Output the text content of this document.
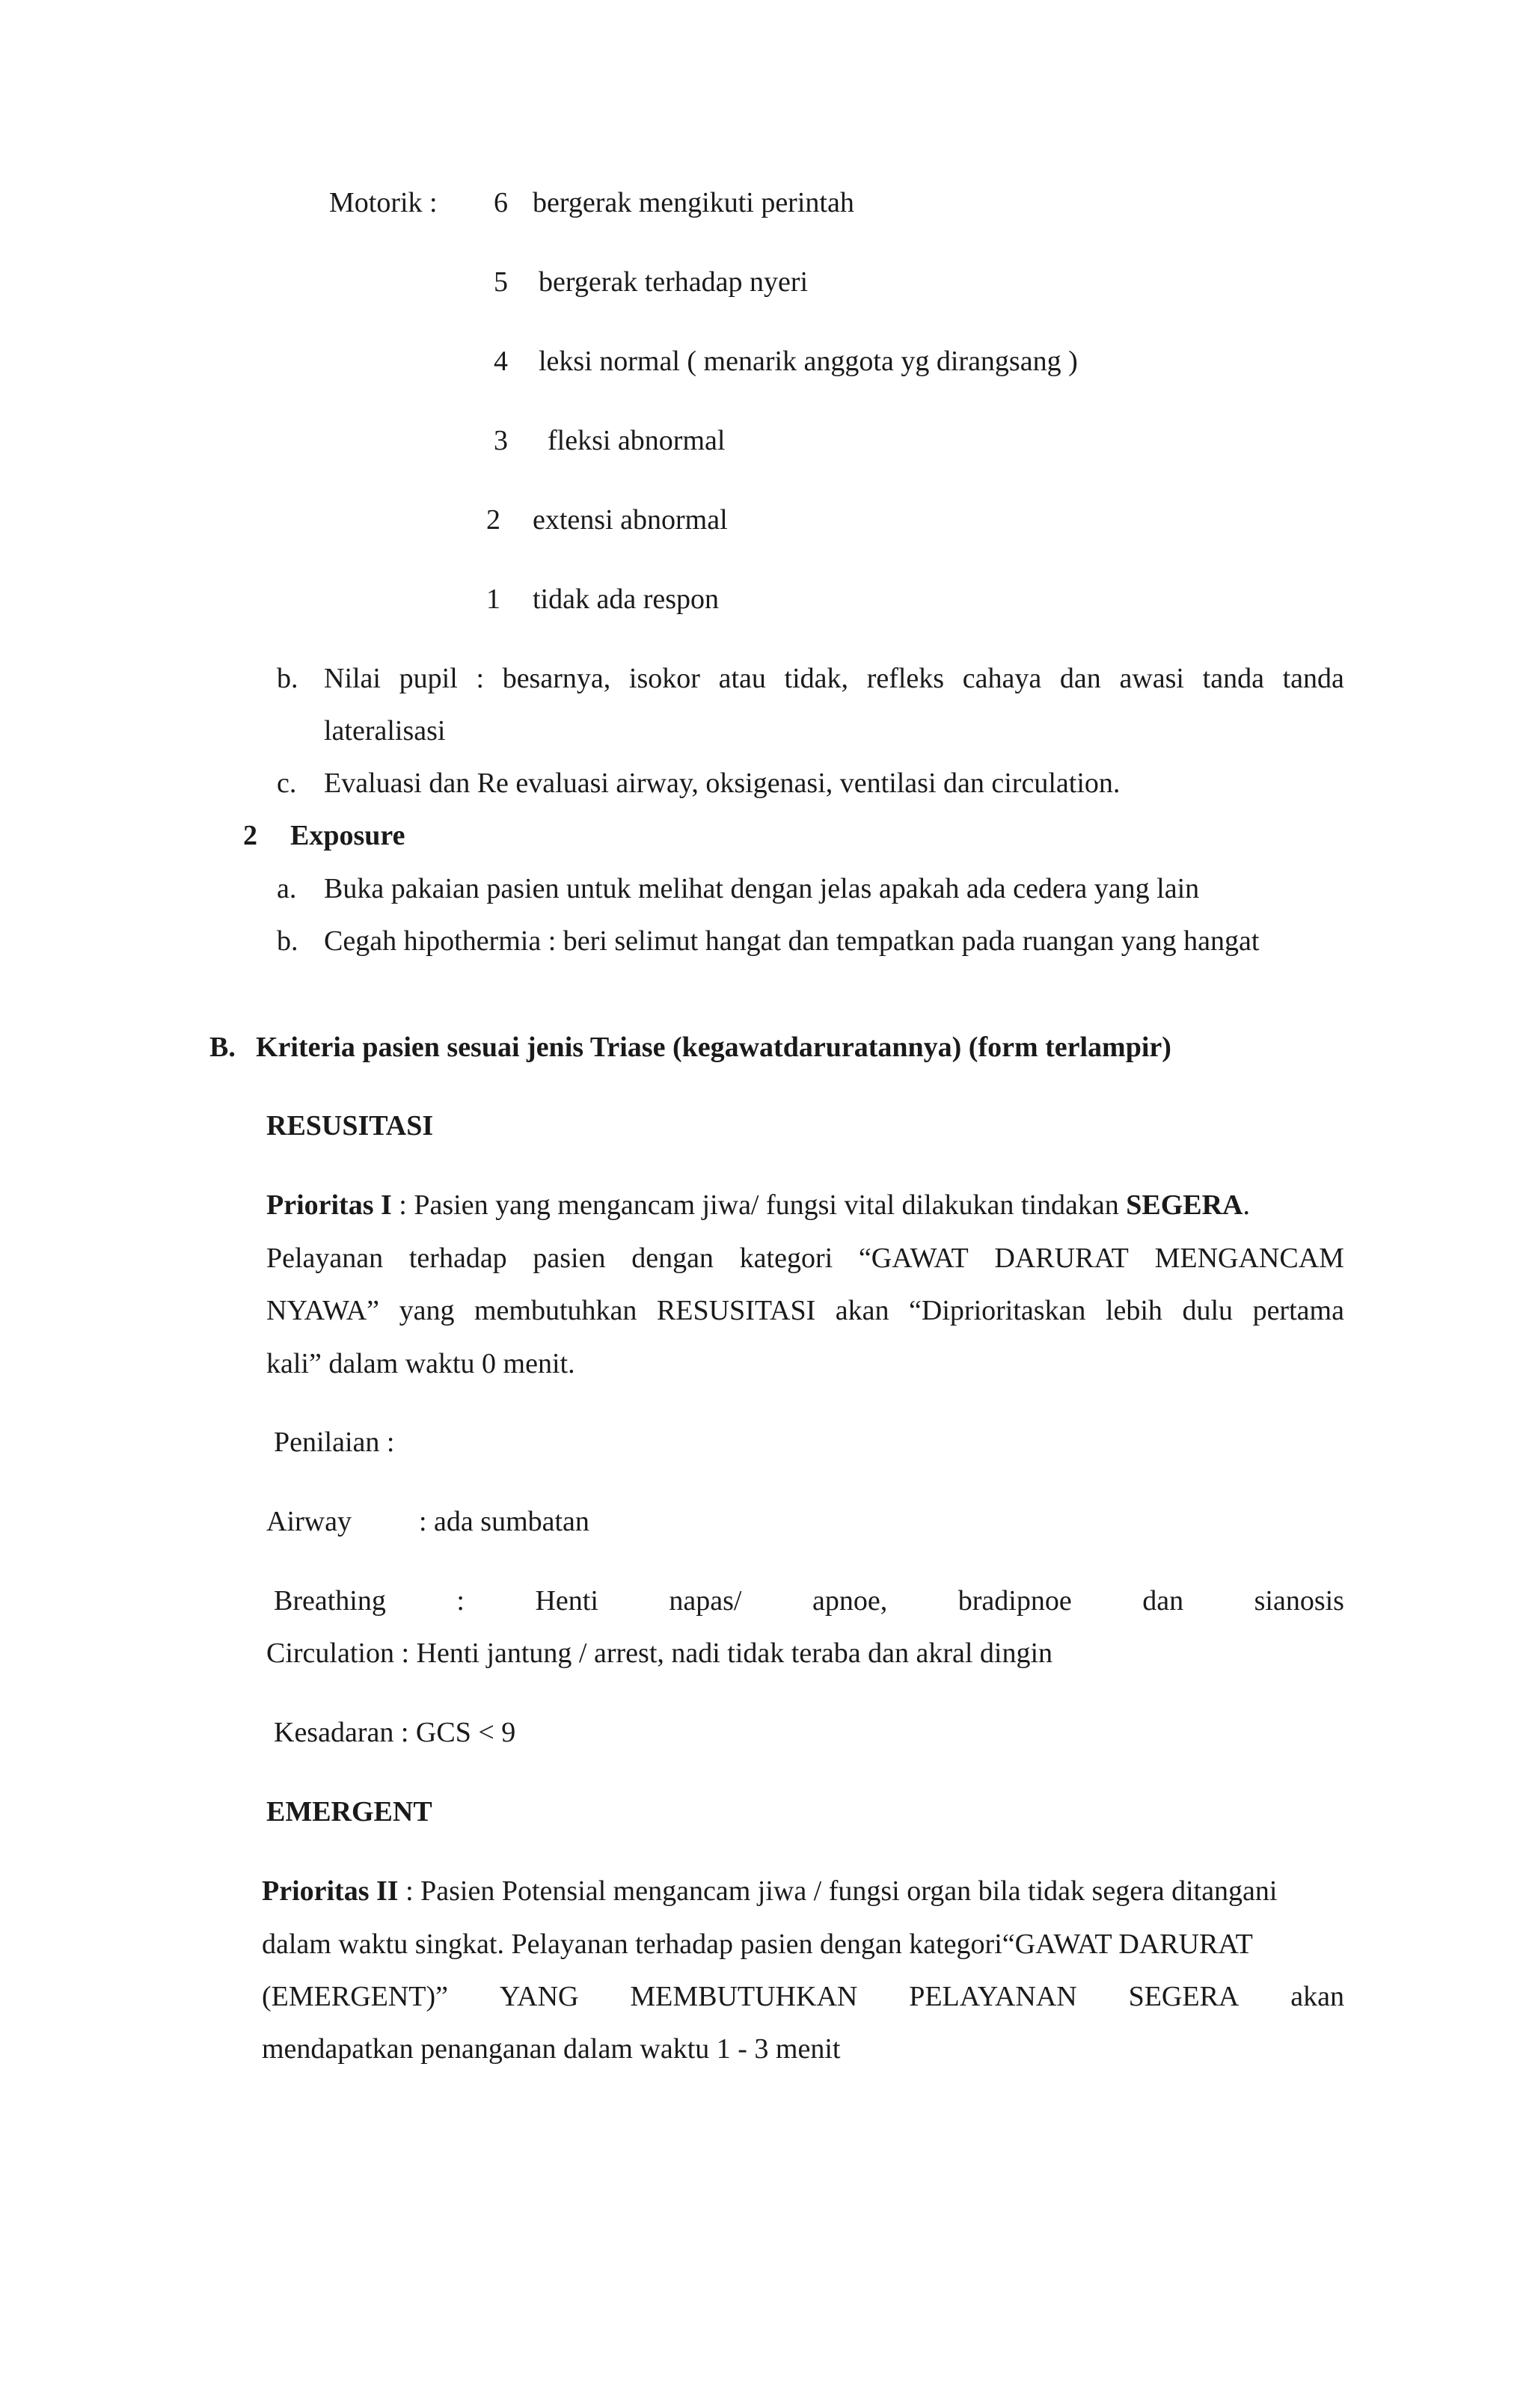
Motorik : 6 bergerak mengikuti perintah
5 bergerak terhadap nyeri
4 leksi normal ( menarik anggota yg dirangsang )
3 fleksi abnormal
2 extensi abnormal
1 tidak ada respon
b. Nilai pupil : besarnya, isokor atau tidak, refleks cahaya dan awasi tanda tanda
lateralisasi
c. Evaluasi dan Re evaluasi airway, oksigenasi, ventilasi dan circulation.
2 Exposure
a. Buka pakaian pasien untuk melihat dengan jelas apakah ada cedera yang lain
b. Cegah hipothermia : beri selimut hangat dan tempatkan pada ruangan yang hangat
B. Kriteria pasien sesuai jenis Triase (kegawatdaruratannya) (form terlampir)
RESUSITASI
Prioritas I : Pasien yang mengancam jiwa/ fungsi vital dilakukan tindakan SEGERA.
Pelayanan terhadap pasien dengan kategori “GAWAT DARURAT MENGANCAM
NYAWA” yang membutuhkan RESUSITASI akan “Diprioritaskan lebih dulu pertama
kali” dalam waktu 0 menit.
Penilaian :
Airway : ada sumbatan
Breathing : Henti napas/ apnoe, bradipnoe dan sianosis
Circulation : Henti jantung / arrest, nadi tidak teraba dan akral dingin
Kesadaran : GCS < 9
EMERGENT
Prioritas II : Pasien Potensial mengancam jiwa / fungsi organ bila tidak segera ditangani
dalam waktu singkat. Pelayanan terhadap pasien dengan kategori“GAWAT DARURAT
(EMERGENT)” YANG MEMBUTUHKAN PELAYANAN SEGERA akan
mendapatkan penanganan dalam waktu 1 - 3 menit
